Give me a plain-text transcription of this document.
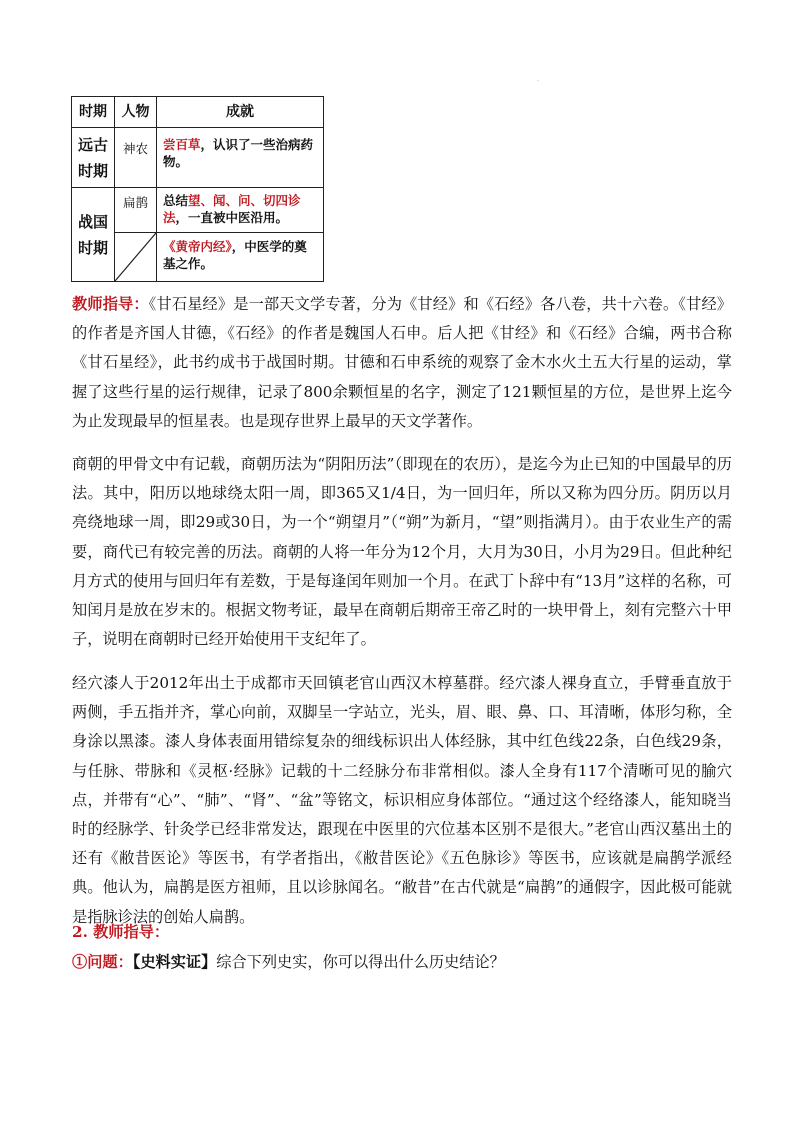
·
时期	人物	成就
远古
时期	神农	尝百草，认识了一些治病药物。
战国
时期	扁鹊	总结望、闻、问、切四诊法，一直被中医沿用。

	《黄帝内经》，中医学的奠基之作。
教师指导：《甘石星经》是一部天文学专著，分为《甘经》和《石经》各八卷，共十六卷。《甘经》的作者是齐国人甘德，《石经》的作者是魏国人石申。后人把《甘经》和《石经》合编，两书合称《甘石星经》，此书约成书于战国时期。甘德和石申系统的观察了金木水火土五大行星的运动，掌握了这些行星的运行规律，记录了800余颗恒星的名字，测定了121颗恒星的方位，是世界上迄今为止发现最早的恒星表。也是现存世界上最早的天文学著作。
商朝的甲骨文中有记载，商朝历法为“阴阳历法”（即现在的农历），是迄今为止已知的中国最早的历法。其中，阳历以地球绕太阳一周，即365又1/4日，为一回归年，所以又称为四分历。阴历以月亮绕地球一周，即29或30日，为一个“朔望月”（“朔”为新月，“望”则指满月）。由于农业生产的需要，商代已有较完善的历法。商朝的人将一年分为12个月，大月为30日，小月为29日。但此种纪月方式的使用与回归年有差数，于是每逢闰年则加一个月。在武丁卜辞中有“13月”这样的名称，可知闰月是放在岁末的。根据文物考证，最早在商朝后期帝王帝乙时的一块甲骨上，刻有完整六十甲子，说明在商朝时已经开始使用干支纪年了。
经穴漆人于2012年出土于成都市天回镇老官山西汉木椁墓群。经穴漆人裸身直立，手臂垂直放于两侧，手五指并齐，掌心向前，双脚呈一字站立，光头，眉、眼、鼻、口、耳清晰，体形匀称，全身涂以黑漆。漆人身体表面用错综复杂的细线标识出人体经脉，其中红色线22条，白色线29条，与任脉、带脉和《灵枢·经脉》记载的十二经脉分布非常相似。漆人全身有117个清晰可见的腧穴点，并带有“心”、“肺”、“肾”、“盆”等铭文，标识相应身体部位。“通过这个经络漆人，能知晓当时的经脉学、针灸学已经非常发达，跟现在中医里的穴位基本区别不是很大。”老官山西汉墓出土的还有《敝昔医论》等医书，有学者指出，《敝昔医论》《五色脉诊》等医书，应该就是扁鹊学派经典。他认为，扁鹊是医方祖师，且以诊脉闻名。“敝昔”在古代就是“扁鹊”的通假字，因此极可能就是指脉诊法的创始人扁鹊。
2. 教师指导：
①问题：【史料实证】综合下列史实，你可以得出什么历史结论？
